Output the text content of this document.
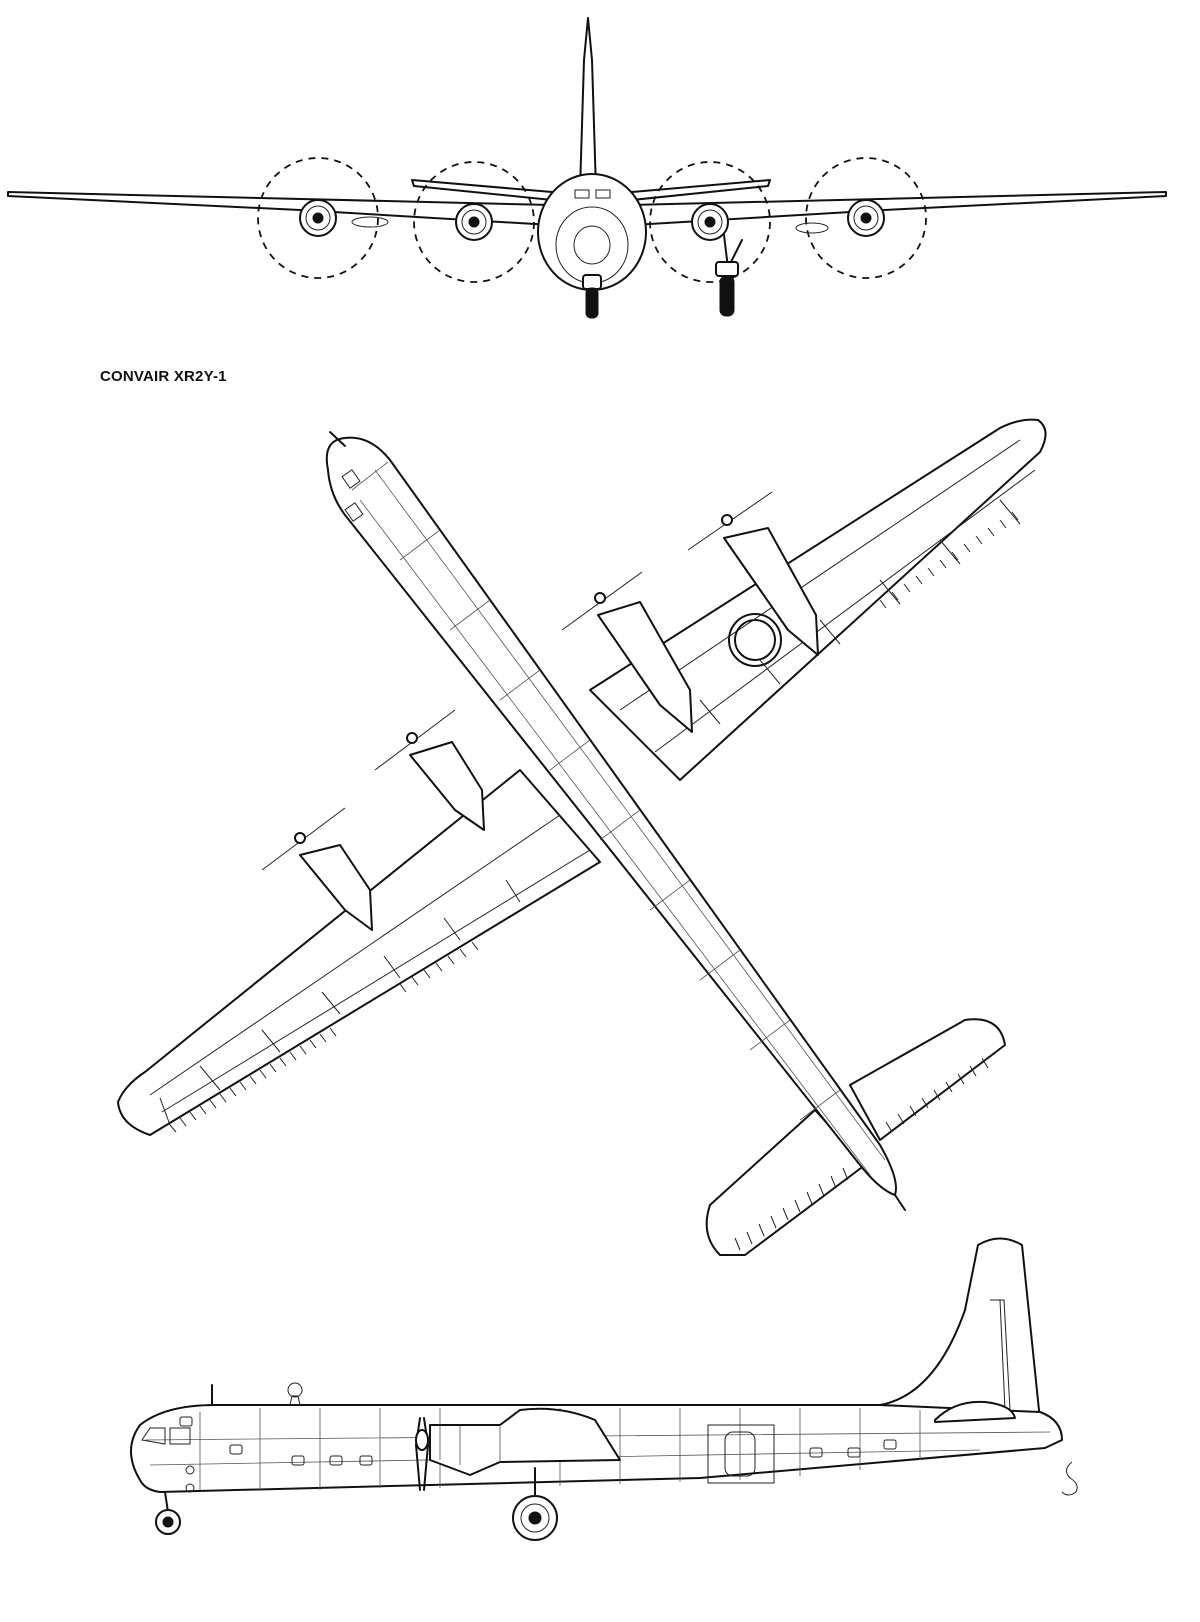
CONVAIR XR2Y-1
